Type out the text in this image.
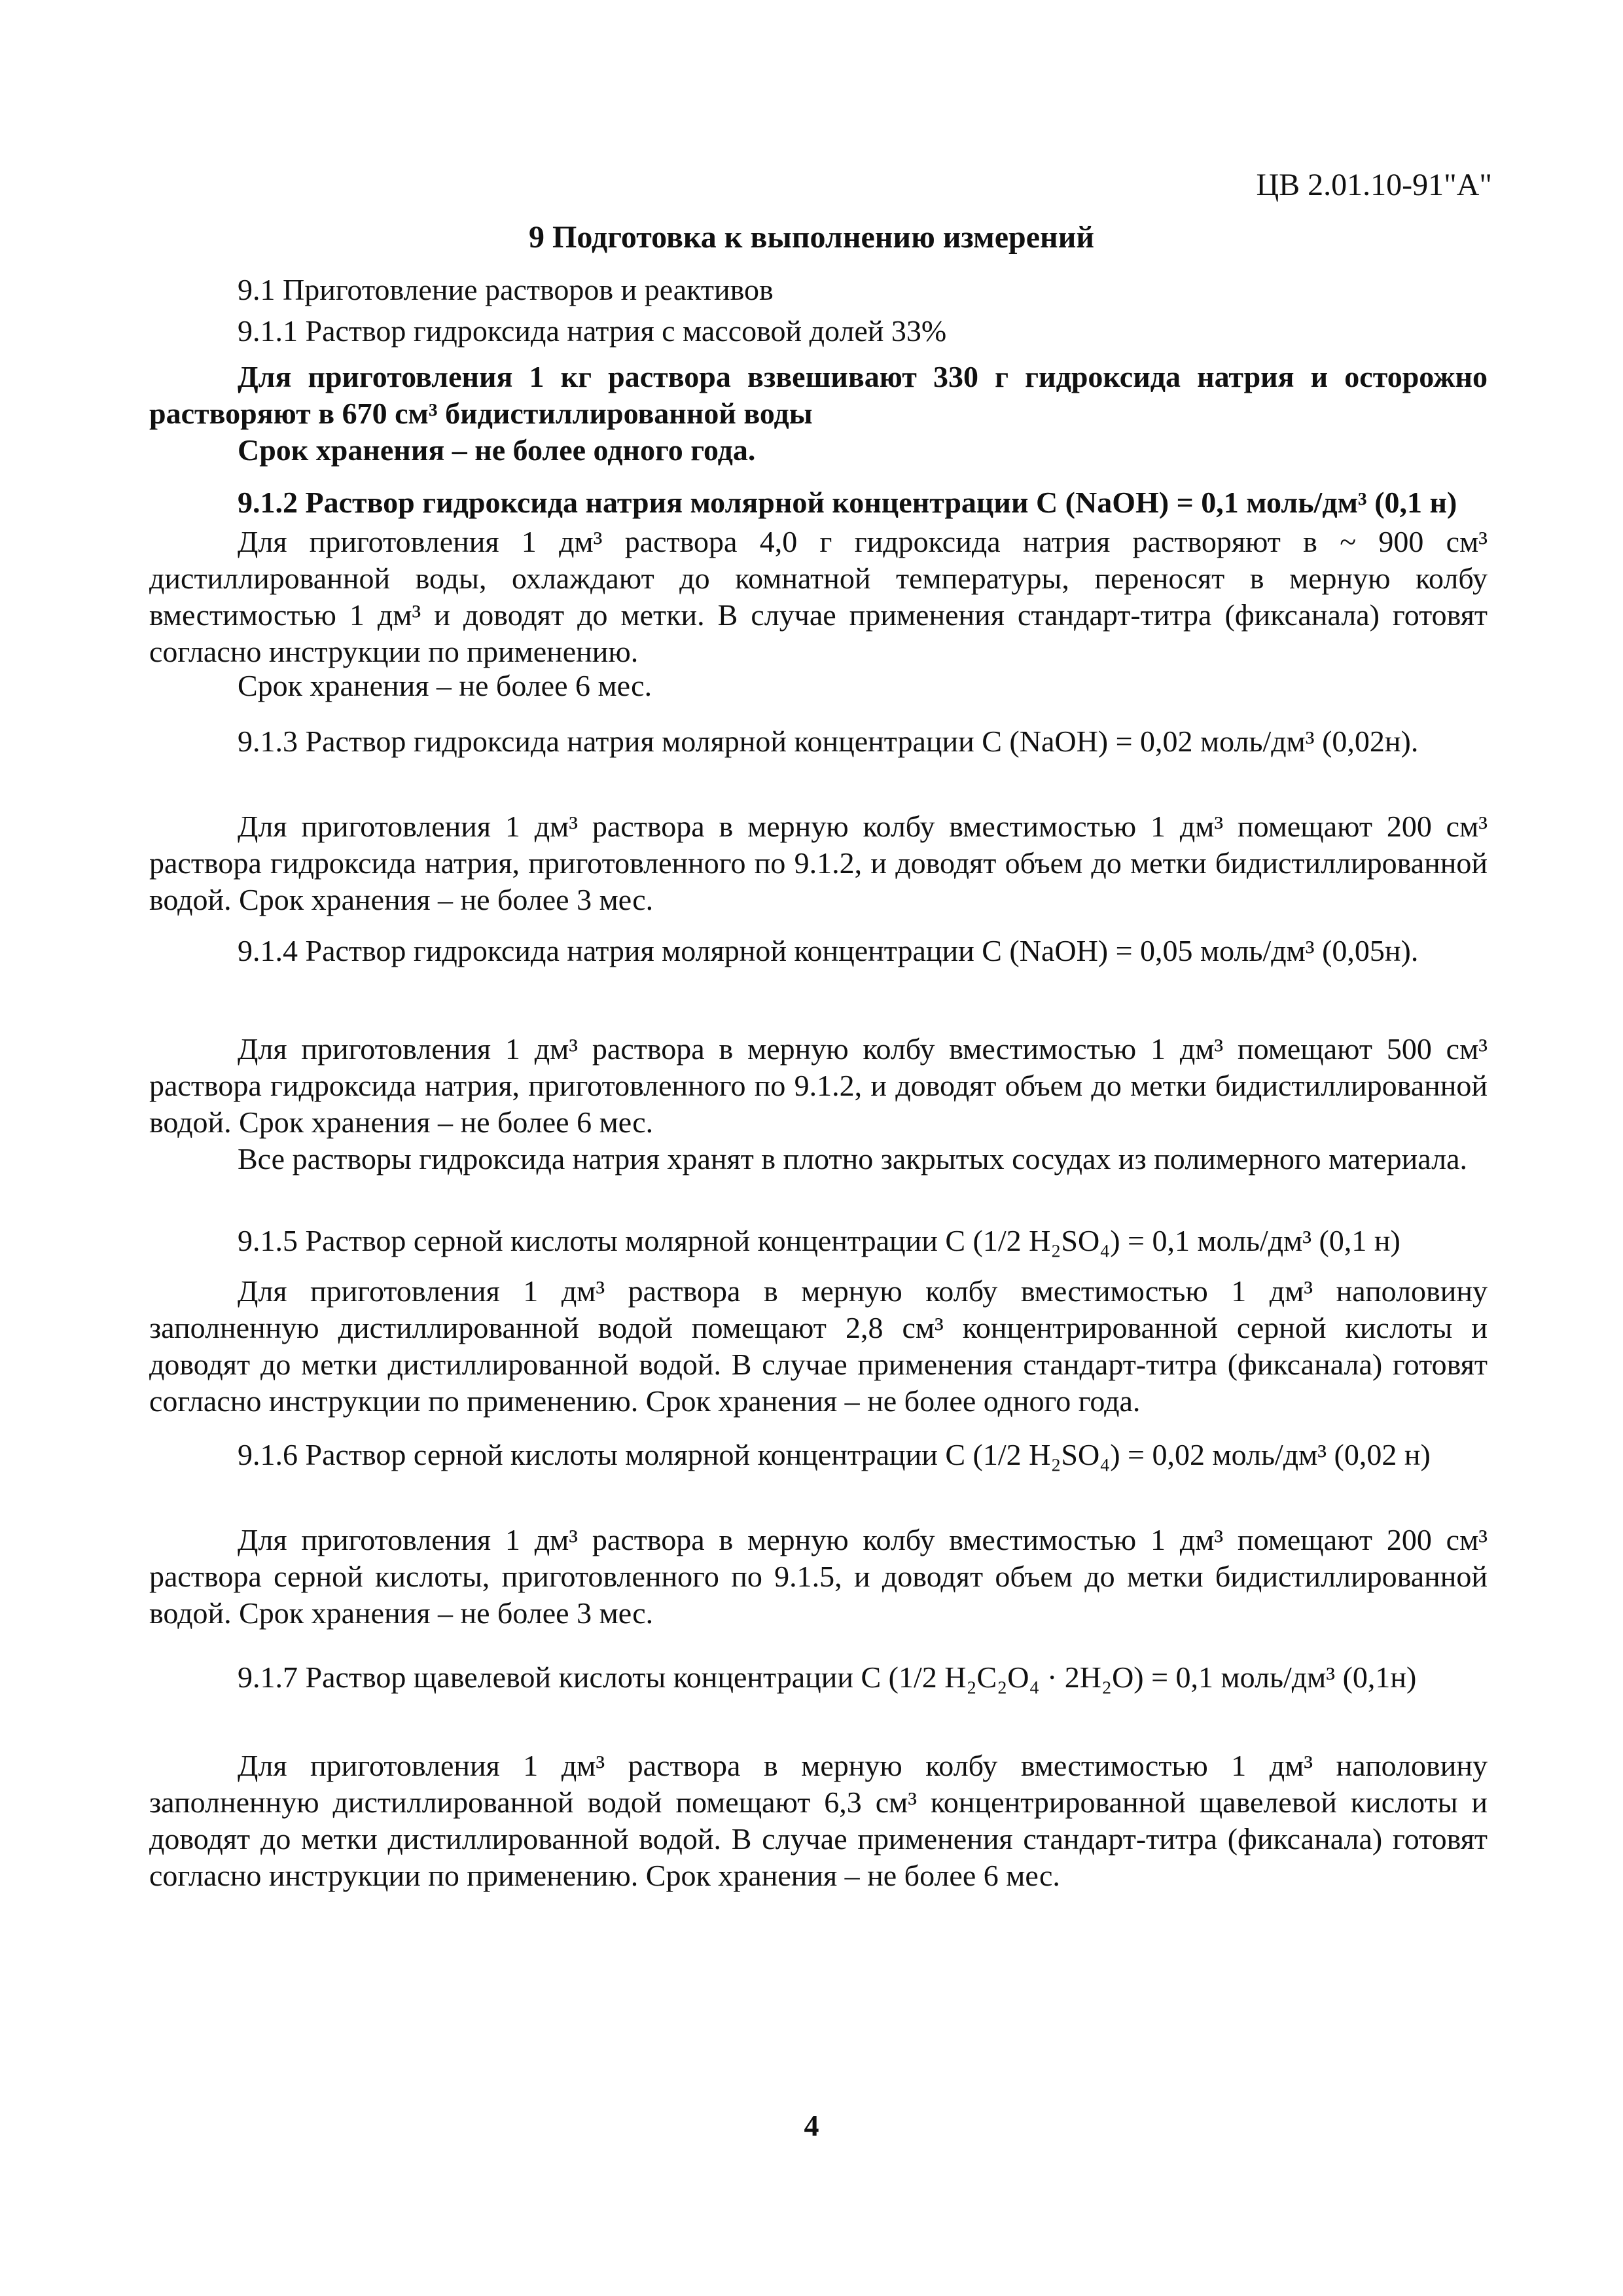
ЦВ 2.01.10-91"А"
9 Подготовка к выполнению измерений
9.1 Приготовление растворов и реактивов
9.1.1 Раствор гидроксида натрия с массовой долей 33%
Для приготовления 1 кг раствора взвешивают 330 г гидроксида натрия и осторожно растворяют в 670 см³ бидистиллированной воды
Срок хранения – не более одного года.
9.1.2 Раствор гидроксида натрия молярной концентрации С (NaOH) = 0,1 моль/дм³ (0,1 н)
Для приготовления 1 дм³ раствора 4,0 г гидроксида натрия растворяют в ~ 900 см³ дистиллированной воды, охлаждают до комнатной температуры, переносят в мерную колбу вместимостью 1 дм³ и доводят до метки. В случае применения стандарт-титра (фиксанала) готовят согласно инструкции по применению.
Срок хранения – не более 6 мес.
9.1.3 Раствор гидроксида натрия молярной концентрации С (NaOH) = 0,02 моль/дм³ (0,02н).
Для приготовления 1 дм³ раствора в мерную колбу вместимостью 1 дм³ помещают 200 см³ раствора гидроксида натрия, приготовленного по 9.1.2, и доводят объем до метки бидистиллированной водой. Срок хранения – не более 3 мес.
9.1.4 Раствор гидроксида натрия молярной концентрации С (NaOH) = 0,05 моль/дм³ (0,05н).
Для приготовления 1 дм³ раствора в мерную колбу вместимостью 1 дм³ помещают 500 см³ раствора гидроксида натрия, приготовленного по 9.1.2, и доводят объем до метки бидистиллированной водой. Срок хранения – не более 6 мес.
Все растворы гидроксида натрия хранят в плотно закрытых сосудах из полимерного материала.
9.1.5 Раствор серной кислоты молярной концентрации С (1/2 H₂SO₄) = 0,1 моль/дм³ (0,1 н)
Для приготовления 1 дм³ раствора в мерную колбу вместимостью 1 дм³ наполовину заполненную дистиллированной водой помещают 2,8 см³ концентрированной серной кислоты и доводят до метки дистиллированной водой. В случае применения стандарт-титра (фиксанала) готовят согласно инструкции по применению. Срок хранения – не более одного года.
9.1.6 Раствор серной кислоты молярной концентрации С (1/2 H₂SO₄) = 0,02 моль/дм³ (0,02 н)
Для приготовления 1 дм³ раствора в мерную колбу вместимостью 1 дм³ помещают 200 см³ раствора серной кислоты, приготовленного по 9.1.5, и доводят объем до метки бидистиллированной водой. Срок хранения – не более 3 мес.
9.1.7 Раствор щавелевой кислоты концентрации С (1/2 H₂C₂O₄ · 2H₂O) = 0,1 моль/дм³ (0,1н)
Для приготовления 1 дм³ раствора в мерную колбу вместимостью 1 дм³ наполовину заполненную дистиллированной водой помещают 6,3 см³ концентрированной щавелевой кислоты и доводят до метки дистиллированной водой. В случае применения стандарт-титра (фиксанала) готовят согласно инструкции по применению. Срок хранения – не более 6 мес.
4
